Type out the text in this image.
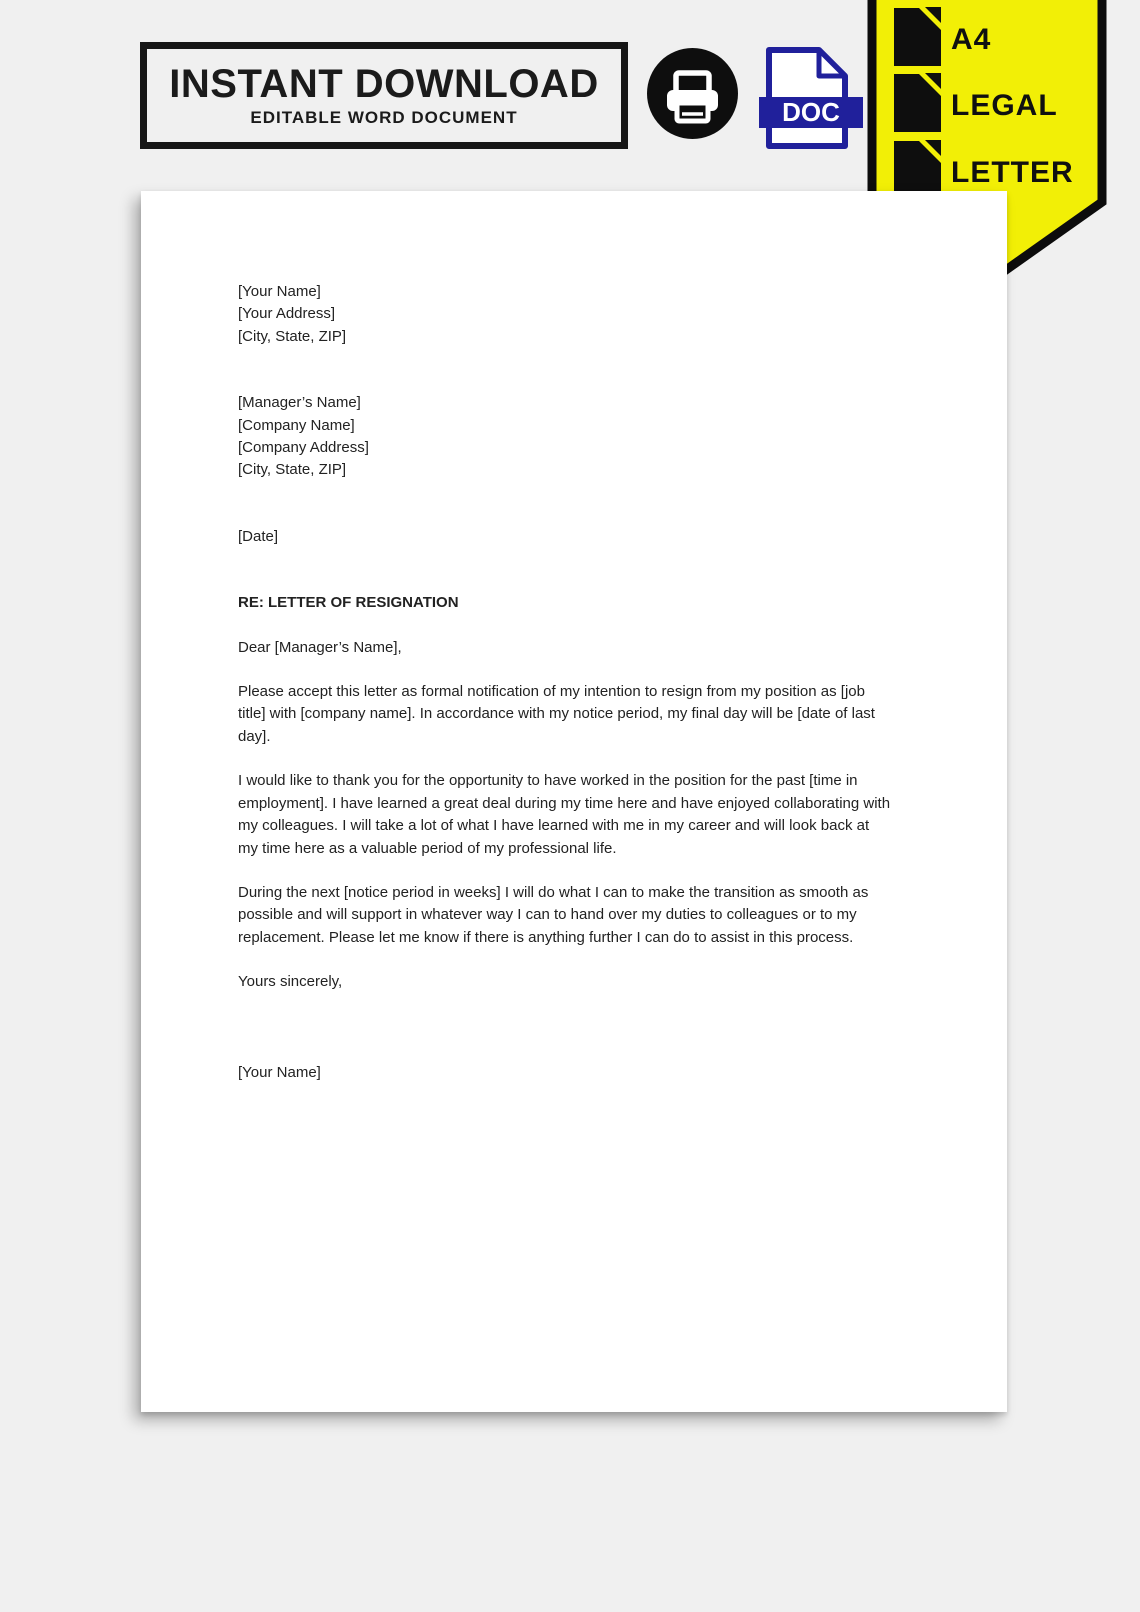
INSTANT DOWNLOAD
EDITABLE WORD DOCUMENT	DOC
A4
LEGAL
LETTER

[Your Name]

[Your Address]

[City, State, ZIP]

[Manager’s Name]

[Company Name]

[Company Address]

[City, State, ZIP]

[Date]

RE: LETTER OF RESIGNATION

Dear [Manager’s Name],

Please accept this letter as formal notification of my intention to resign from my position as [job title] with [company name]. In accordance with my notice period, my final day will be [date of last day].

I would like to thank you for the opportunity to have worked in the position for the past [time in employment]. I have learned a great deal during my time here and have enjoyed collaborating with my colleagues. I will take a lot of what I have learned with me in my career and will look back at my time here as a valuable period of my professional life.

During the next [notice period in weeks] I will do what I can to make the transition as smooth as possible and will support in whatever way I can to hand over my duties to colleagues or to my replacement. Please let me know if there is anything further I can do to assist in this process.

Yours sincerely,

[Your Name]
